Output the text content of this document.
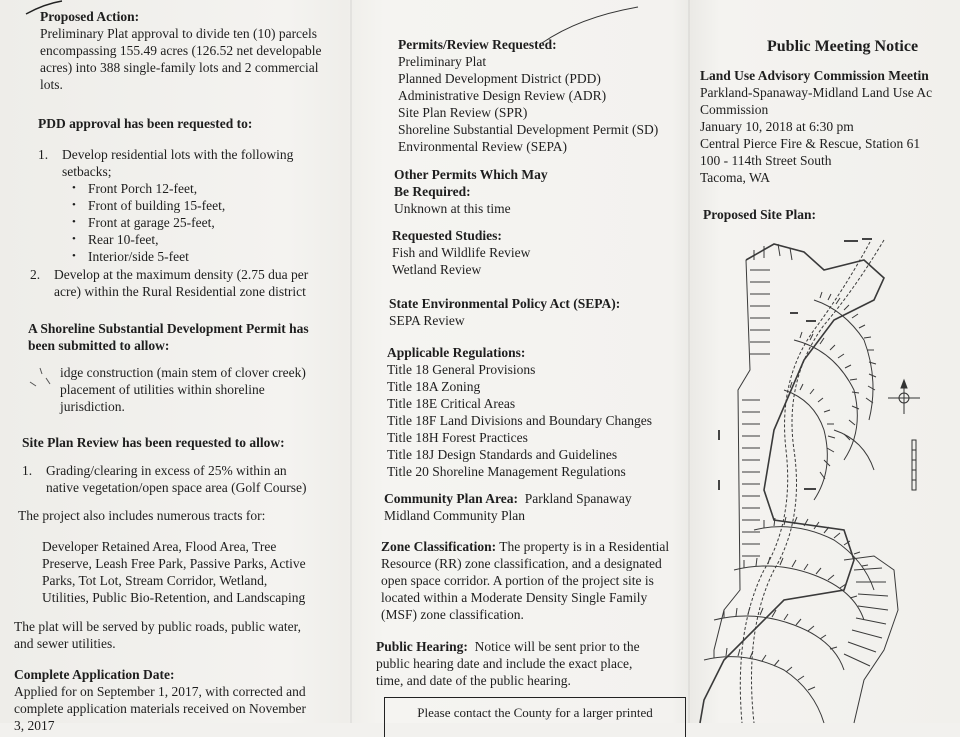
Proposed Action:
Preliminary Plat approval to divide ten (10) parcels
encompassing 155.49 acres (126.52 net developable
acres) into 388 single-family lots and 2 commercial
lots.
PDD approval has been requested to:
1. Develop residential lots with the following
setbacks;
• Front Porch 12-feet,
• Front of building 15-feet,
• Front at garage 25-feet,
• Rear 10-feet,
• Interior/side 5-feet
2. Develop at the maximum density (2.75 dua per
acre) within the Rural Residential zone district
A Shoreline Substantial Development Permit has
been submitted to allow:
idge construction (main stem of clover creek)
placement of utilities within shoreline
jurisdiction.
Site Plan Review has been requested to allow:
1. Grading/clearing in excess of 25% within an
native vegetation/open space area (Golf Course)
The project also includes numerous tracts for:
Developer Retained Area, Flood Area, Tree
Preserve, Leash Free Park, Passive Parks, Active
Parks, Tot Lot, Stream Corridor, Wetland,
Utilities, Public Bio-Retention, and Landscaping
The plat will be served by public roads, public water,
and sewer utilities.
Complete Application Date:
Applied for on September 1, 2017, with corrected and
complete application materials received on November
3, 2017
Permits/Review Requested:
Preliminary Plat
Planned Development District (PDD)
Administrative Design Review (ADR)
Site Plan Review (SPR)
Shoreline Substantial Development Permit (SD)
Environmental Review (SEPA)
Other Permits Which May
Be Required:
Unknown at this time
Requested Studies:
Fish and Wildlife Review
Wetland Review
State Environmental Policy Act (SEPA):
SEPA Review
Applicable Regulations:
Title 18 General Provisions
Title 18A Zoning
Title 18E Critical Areas
Title 18F Land Divisions and Boundary Changes
Title 18H Forest Practices
Title 18J Design Standards and Guidelines
Title 20 Shoreline Management Regulations
Community Plan Area: Parkland Spanaway
Midland Community Plan
Zone Classification: The property is in a Residential
Resource (RR) zone classification, and a designated
open space corridor. A portion of the project site is
located within a Moderate Density Single Family
(MSF) zone classification.
Public Hearing: Notice will be sent prior to the
public hearing date and include the exact place,
time, and date of the public hearing.
Please contact the County for a larger printed
Public Meeting Notice
Land Use Advisory Commission Meetin
Parkland-Spanaway-Midland Land Use Ac
Commission
January 10, 2018 at 6:30 pm
Central Pierce Fire & Rescue, Station 61
100 - 114th Street South
Tacoma, WA
Proposed Site Plan:
